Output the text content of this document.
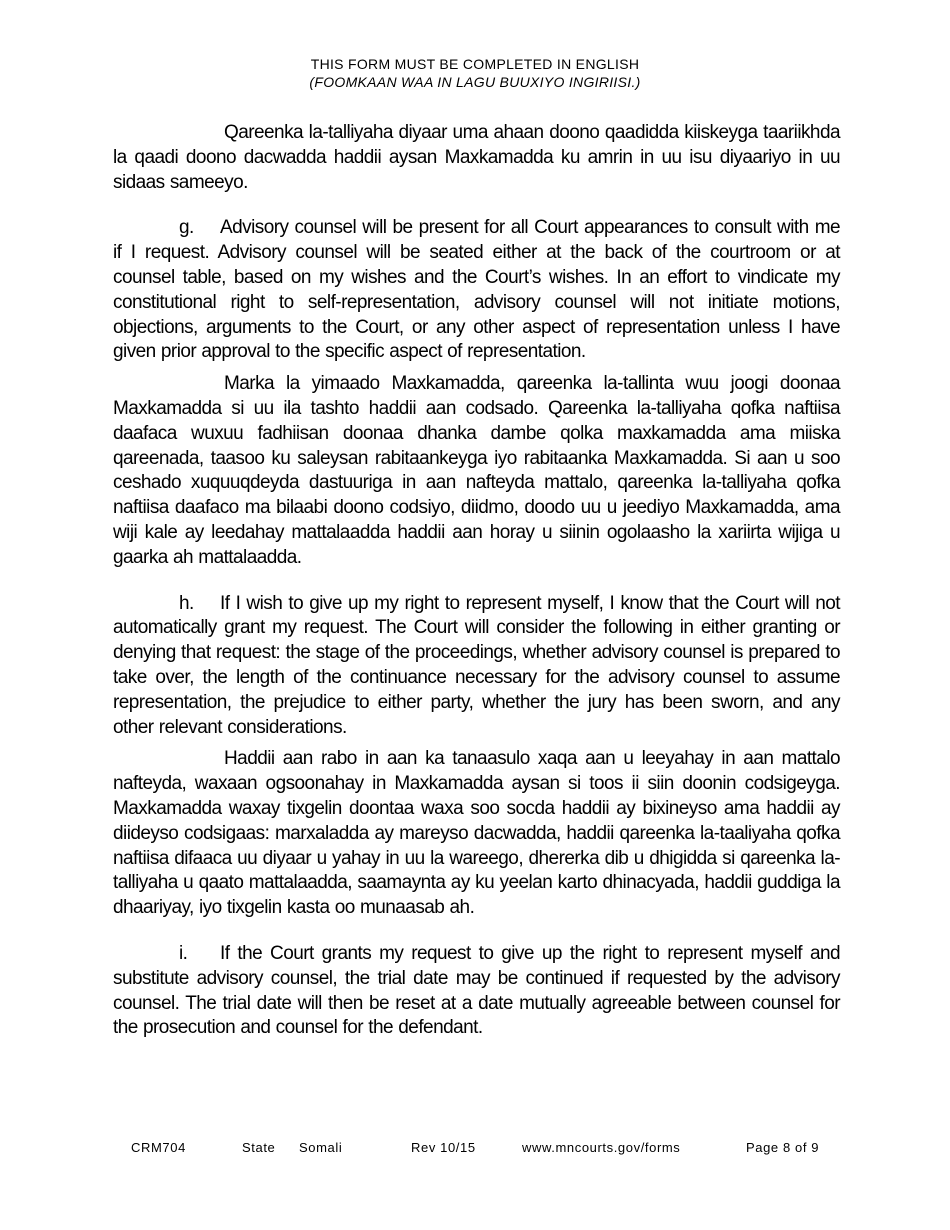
THIS FORM MUST BE COMPLETED IN ENGLISH
(FOOMKAAN WAA IN LAGU BUUXIYO INGIRIISI.)

Qareenka la-talliyaha diyaar uma ahaan doono qaadidda kiiskeyga taariikhda la qaadi doono dacwadda haddii aysan Maxkamadda ku amrin in uu isu diyaariyo in uu sidaas sameeyo.

g. Advisory counsel will be present for all Court appearances to consult with me if I request. Advisory counsel will be seated either at the back of the courtroom or at counsel table, based on my wishes and the Court’s wishes. In an effort to vindicate my constitutional right to self-representation, advisory counsel will not initiate motions, objections, arguments to the Court, or any other aspect of representation unless I have given prior approval to the specific aspect of representation.

Marka la yimaado Maxkamadda, qareenka la-tallinta wuu joogi doonaa Maxkamadda si uu ila tashto haddii aan codsado. Qareenka la-talliyaha qofka naftiisa daafaca wuxuu fadhiisan doonaa dhanka dambe qolka maxkamadda ama miiska qareenada, taasoo ku saleysan rabitaankeyga iyo rabitaanka Maxkamadda. Si aan u soo ceshado xuquuqdeyda dastuuriga in aan nafteyda mattalo, qareenka la-talliyaha qofka naftiisa daafaco ma bilaabi doono codsiyo, diidmo, doodo uu u jeediyo Maxkamadda, ama wiji kale ay leedahay mattalaadda haddii aan horay u siinin ogolaasho la xariirta wijiga u gaarka ah mattalaadda.

h. If I wish to give up my right to represent myself, I know that the Court will not automatically grant my request. The Court will consider the following in either granting or denying that request: the stage of the proceedings, whether advisory counsel is prepared to take over, the length of the continuance necessary for the advisory counsel to assume representation, the prejudice to either party, whether the jury has been sworn, and any other relevant considerations.

Haddii aan rabo in aan ka tanaasulo xaqa aan u leeyahay in aan mattalo nafteyda, waxaan ogsoonahay in Maxkamadda aysan si toos ii siin doonin codsigeyga. Maxkamadda waxay tixgelin doontaa waxa soo socda haddii ay bixineyso ama haddii ay diideyso codsigaas: marxaladda ay mareyso dacwadda, haddii qareenka la-taaliyaha qofka naftiisa difaaca uu diyaar u yahay in uu la wareego, dhererka dib u dhigidda si qareenka la-talliyaha u qaato mattalaadda, saamaynta ay ku yeelan karto dhinacyada, haddii guddiga la dhaariyay, iyo tixgelin kasta oo munaasab ah.

i. If the Court grants my request to give up the right to represent myself and substitute advisory counsel, the trial date may be continued if requested by the advisory counsel. The trial date will then be reset at a date mutually agreeable between counsel for the prosecution and counsel for the defendant.

CRM704	State Somali	Rev 10/15	www.mncourts.gov/forms	Page 8 of 9
